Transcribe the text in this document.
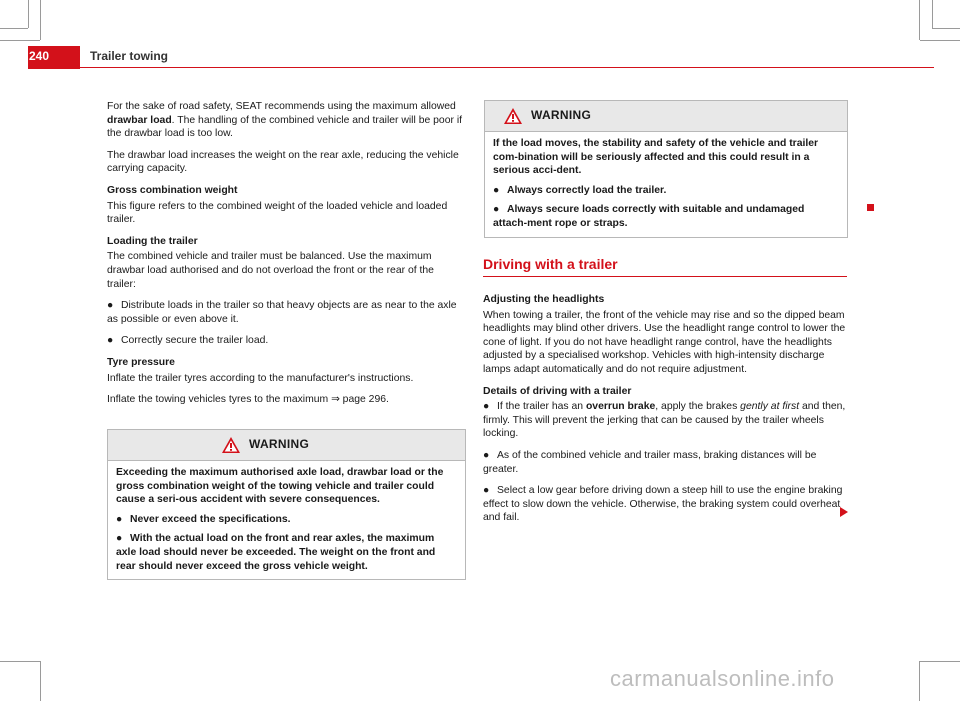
240	Trailer towing

For the sake of road safety, SEAT recommends using the maximum allowed drawbar load. The handling of the combined vehicle and trailer will be poor if the drawbar load is too low.

The drawbar load increases the weight on the rear axle, reducing the vehicle carrying capacity.

Gross combination weight

This figure refers to the combined weight of the loaded vehicle and loaded trailer.

Loading the trailer

The combined vehicle and trailer must be balanced. Use the maximum drawbar load authorised and do not overload the front or the rear of the trailer:

● Distribute loads in the trailer so that heavy objects are as near to the axle as possible or even above it.

● Correctly secure the trailer load.

Tyre pressure

Inflate the trailer tyres according to the manufacturer's instructions.

Inflate the towing vehicles tyres to the maximum ⇒ page 296.

WARNING

Exceeding the maximum authorised axle load, drawbar load or the gross combination weight of the towing vehicle and trailer could cause a seri-ous accident with severe consequences.

● Never exceed the specifications.

● With the actual load on the front and rear axles, the maximum axle load should never be exceeded. The weight on the front and rear should never exceed the gross vehicle weight.

WARNING

If the load moves, the stability and safety of the vehicle and trailer com-bination will be seriously affected and this could result in a serious acci-dent.

● Always correctly load the trailer.

● Always secure loads correctly with suitable and undamaged attach-ment rope or straps.

Driving with a trailer

Adjusting the headlights

When towing a trailer, the front of the vehicle may rise and so the dipped beam headlights may blind other drivers. Use the headlight range control to lower the cone of light. If you do not have headlight range control, have the headlights adjusted by a specialised workshop. Vehicles with high-intensity discharge lamps adapt automatically and do not require adjustment.

Details of driving with a trailer

● If the trailer has an overrun brake, apply the brakes gently at first and then, firmly. This will prevent the jerking that can be caused by the trailer wheels locking.

● As of the combined vehicle and trailer mass, braking distances will be greater.

● Select a low gear before driving down a steep hill to use the engine braking effect to slow down the vehicle. Otherwise, the braking system could overheat and fail.

carmanualsonline.info
